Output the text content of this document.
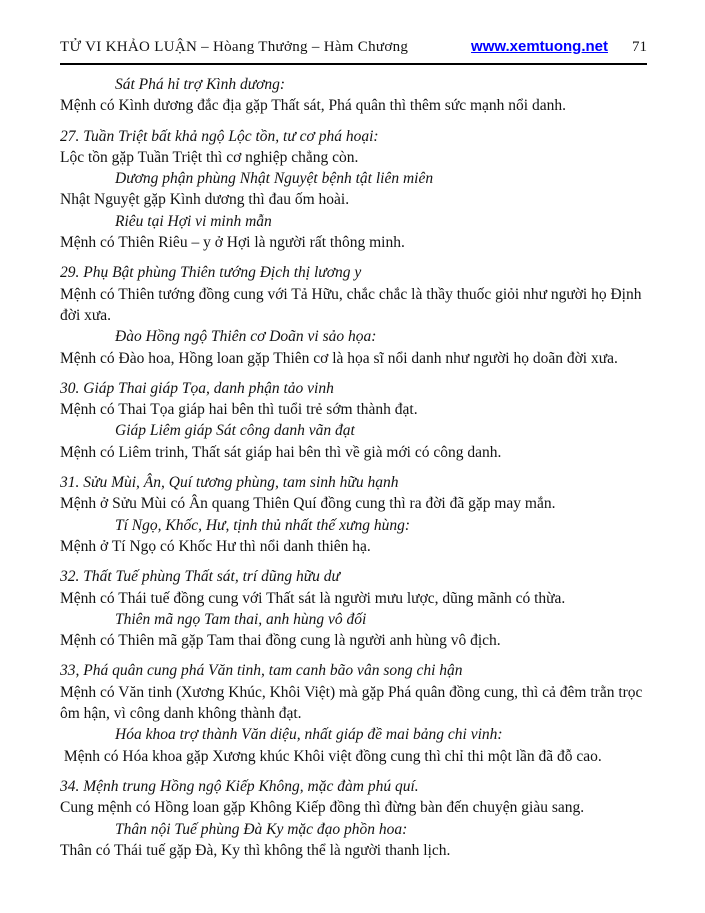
TỬ VI KHẢO LUẬN – Hòang Thưởng – Hàm Chương	www.xemtuong.net 71

Sát Phá hỉ trợ Kình dương:

Mệnh có Kình dương đắc địa gặp Thất sát, Phá quân thì thêm sức mạnh nổi danh.

27. Tuần Triệt bất khả ngộ Lộc tồn, tư cơ phá hoại:

Lộc tồn gặp Tuần Triệt thì cơ nghiệp chẳng còn.

Dương phận phùng Nhật Nguyệt bệnh tật liên miên

Nhật Nguyệt gặp Kình dương thì đau ốm hoài.

Riêu tại Hợi vi minh mẫn

Mệnh có Thiên Riêu – y ở Hợi là người rất thông minh.

29. Phụ Bật phùng Thiên tướng Địch thị lương y

Mệnh có Thiên tướng đồng cung với Tả Hữu, chắc chắc là thầy thuốc giỏi như người họ Định đời xưa.

Đào Hồng ngộ Thiên cơ Doãn vi sảo họa:

Mệnh có Đào hoa, Hồng loan gặp Thiên cơ là họa sĩ nổi danh như người họ doãn đời xưa.

30. Giáp Thai giáp Tọa, danh phận tảo vinh

Mệnh có Thai Tọa giáp hai bên thì tuổi trẻ sớm thành đạt.

Giáp Liêm giáp Sát công danh vãn đạt

Mệnh có Liêm trinh, Thất sát giáp hai bên thì về già mới có công danh.

31. Sửu Mùi, Ân, Quí tương phùng, tam sinh hữu hạnh

Mệnh ở Sửu Mùi có Ân quang Thiên Quí đồng cung thì ra đời đã gặp may mắn.

Tí Ngọ, Khốc, Hư, tịnh thủ nhất thế xưng hùng:

Mệnh ở Tí Ngọ có Khốc Hư thì nổi danh thiên hạ.

32. Thất Tuế phùng Thất sát, trí dũng hữu dư

Mệnh có Thái tuế đồng cung với Thất sát là người mưu lược, dũng mãnh có thừa.

Thiên mã ngọ Tam thai, anh hùng vô đối

Mệnh có Thiên mã gặp Tam thai đồng cung là người anh hùng vô địch.

33, Phá quân cung phá Văn tinh, tam canh bão vân song chi hận

Mệnh có Văn tinh (Xương Khúc, Khôi Việt) mà gặp Phá quân đồng cung, thì cả đêm trằn trọc ôm hận, vì công danh không thành đạt.

Hóa khoa trợ thành Văn diệu, nhất giáp đề mai bảng chi vinh:

Mệnh có Hóa khoa gặp Xương khúc Khôi việt đồng cung thì chỉ thi một lần đã đỗ cao.

34. Mệnh trung Hồng ngộ Kiếp Không, mặc đàm phú quí.

Cung mệnh có Hồng loan gặp Không Kiếp đồng thì đừng bàn đến chuyện giàu sang.

Thân nội Tuế phùng Đà Ky mặc đạo phồn hoa:

Thân có Thái tuế gặp Đà, Ky thì không thể là người thanh lịch.
